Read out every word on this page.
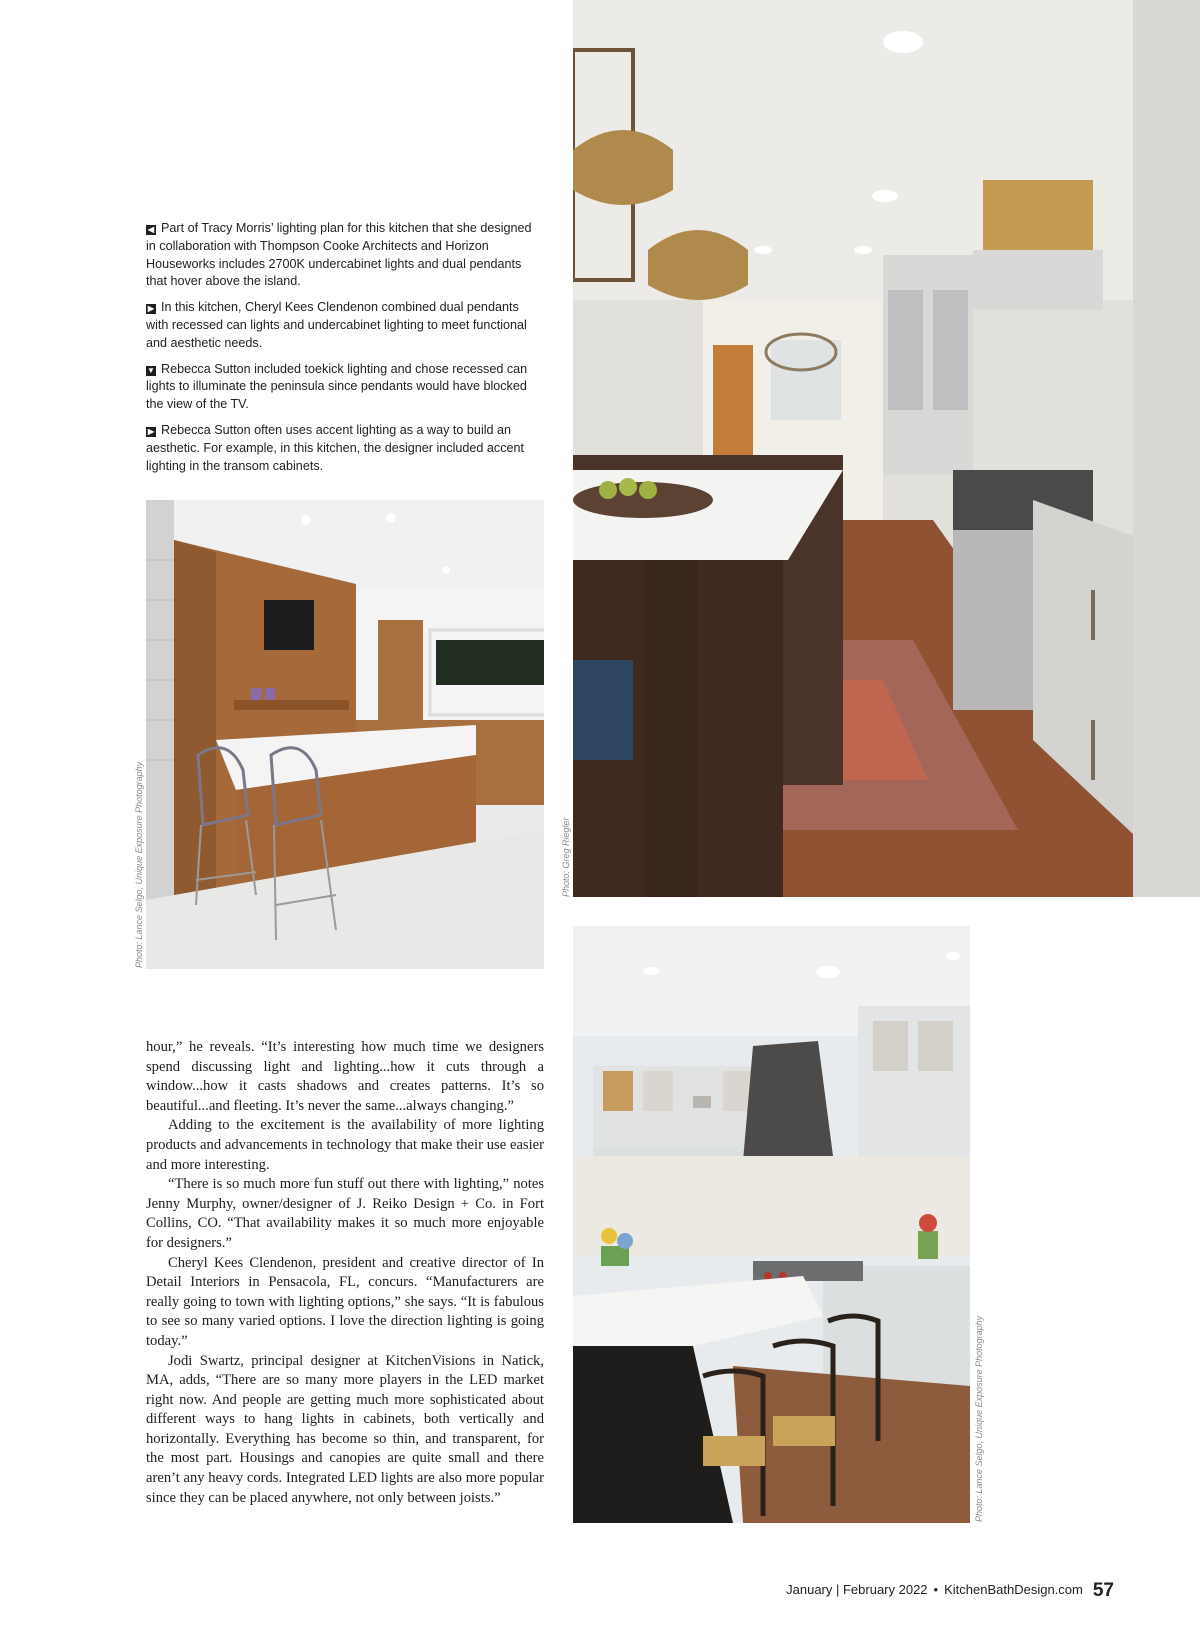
◀ Part of Tracy Morris’ lighting plan for this kitchen that she designed in collaboration with Thompson Cooke Architects and Horizon Houseworks includes 2700K undercabinet lights and dual pendants that hover above the island.

▶ In this kitchen, Cheryl Kees Clendenon combined dual pendants with recessed can lights and undercabinet lighting to meet functional and aesthetic needs.

▼ Rebecca Sutton included toekick lighting and chose recessed can lights to illuminate the peninsula since pendants would have blocked the view of the TV.

▶ Rebecca Sutton often uses accent lighting as a way to build an aesthetic. For example, in this kitchen, the designer included accent lighting in the transom cabinets.

Photo: Lance Selgo, Unique Exposure Photography	Photo: Greg Riegler
Photo: Lance Selgo, Unique Exposure Photography

hour,” he reveals. “It’s interesting how much time we designers spend discussing light and lighting...how it cuts through a window...how it casts shadows and creates patterns. It’s so beautiful...and fleeting. It’s never the same...always changing.”

Adding to the excitement is the availability of more lighting products and advancements in technology that make their use easier and more interesting.

“There is so much more fun stuff out there with lighting,” notes Jenny Murphy, owner/designer of J. Reiko Design + Co. in Fort Collins, CO. “That availability makes it so much more enjoyable for designers.”

Cheryl Kees Clendenon, president and creative director of In Detail Interiors in Pensacola, FL, concurs. “Manufacturers are really going to town with lighting options,” she says. “It is fabulous to see so many varied options. I love the direction lighting is going today.”

Jodi Swartz, principal designer at KitchenVisions in Natick, MA, adds, “There are so many more players in the LED market right now. And people are getting much more sophisticated about different ways to hang lights in cabinets, both vertically and horizontally. Everything has become so thin, and transparent, for the most part. Housings and canopies are quite small and there aren’t any heavy cords. Integrated LED lights are also more popular since they can be placed anywhere, not only between joists.”

January | February 2022 • KitchenBathDesign.com 57
